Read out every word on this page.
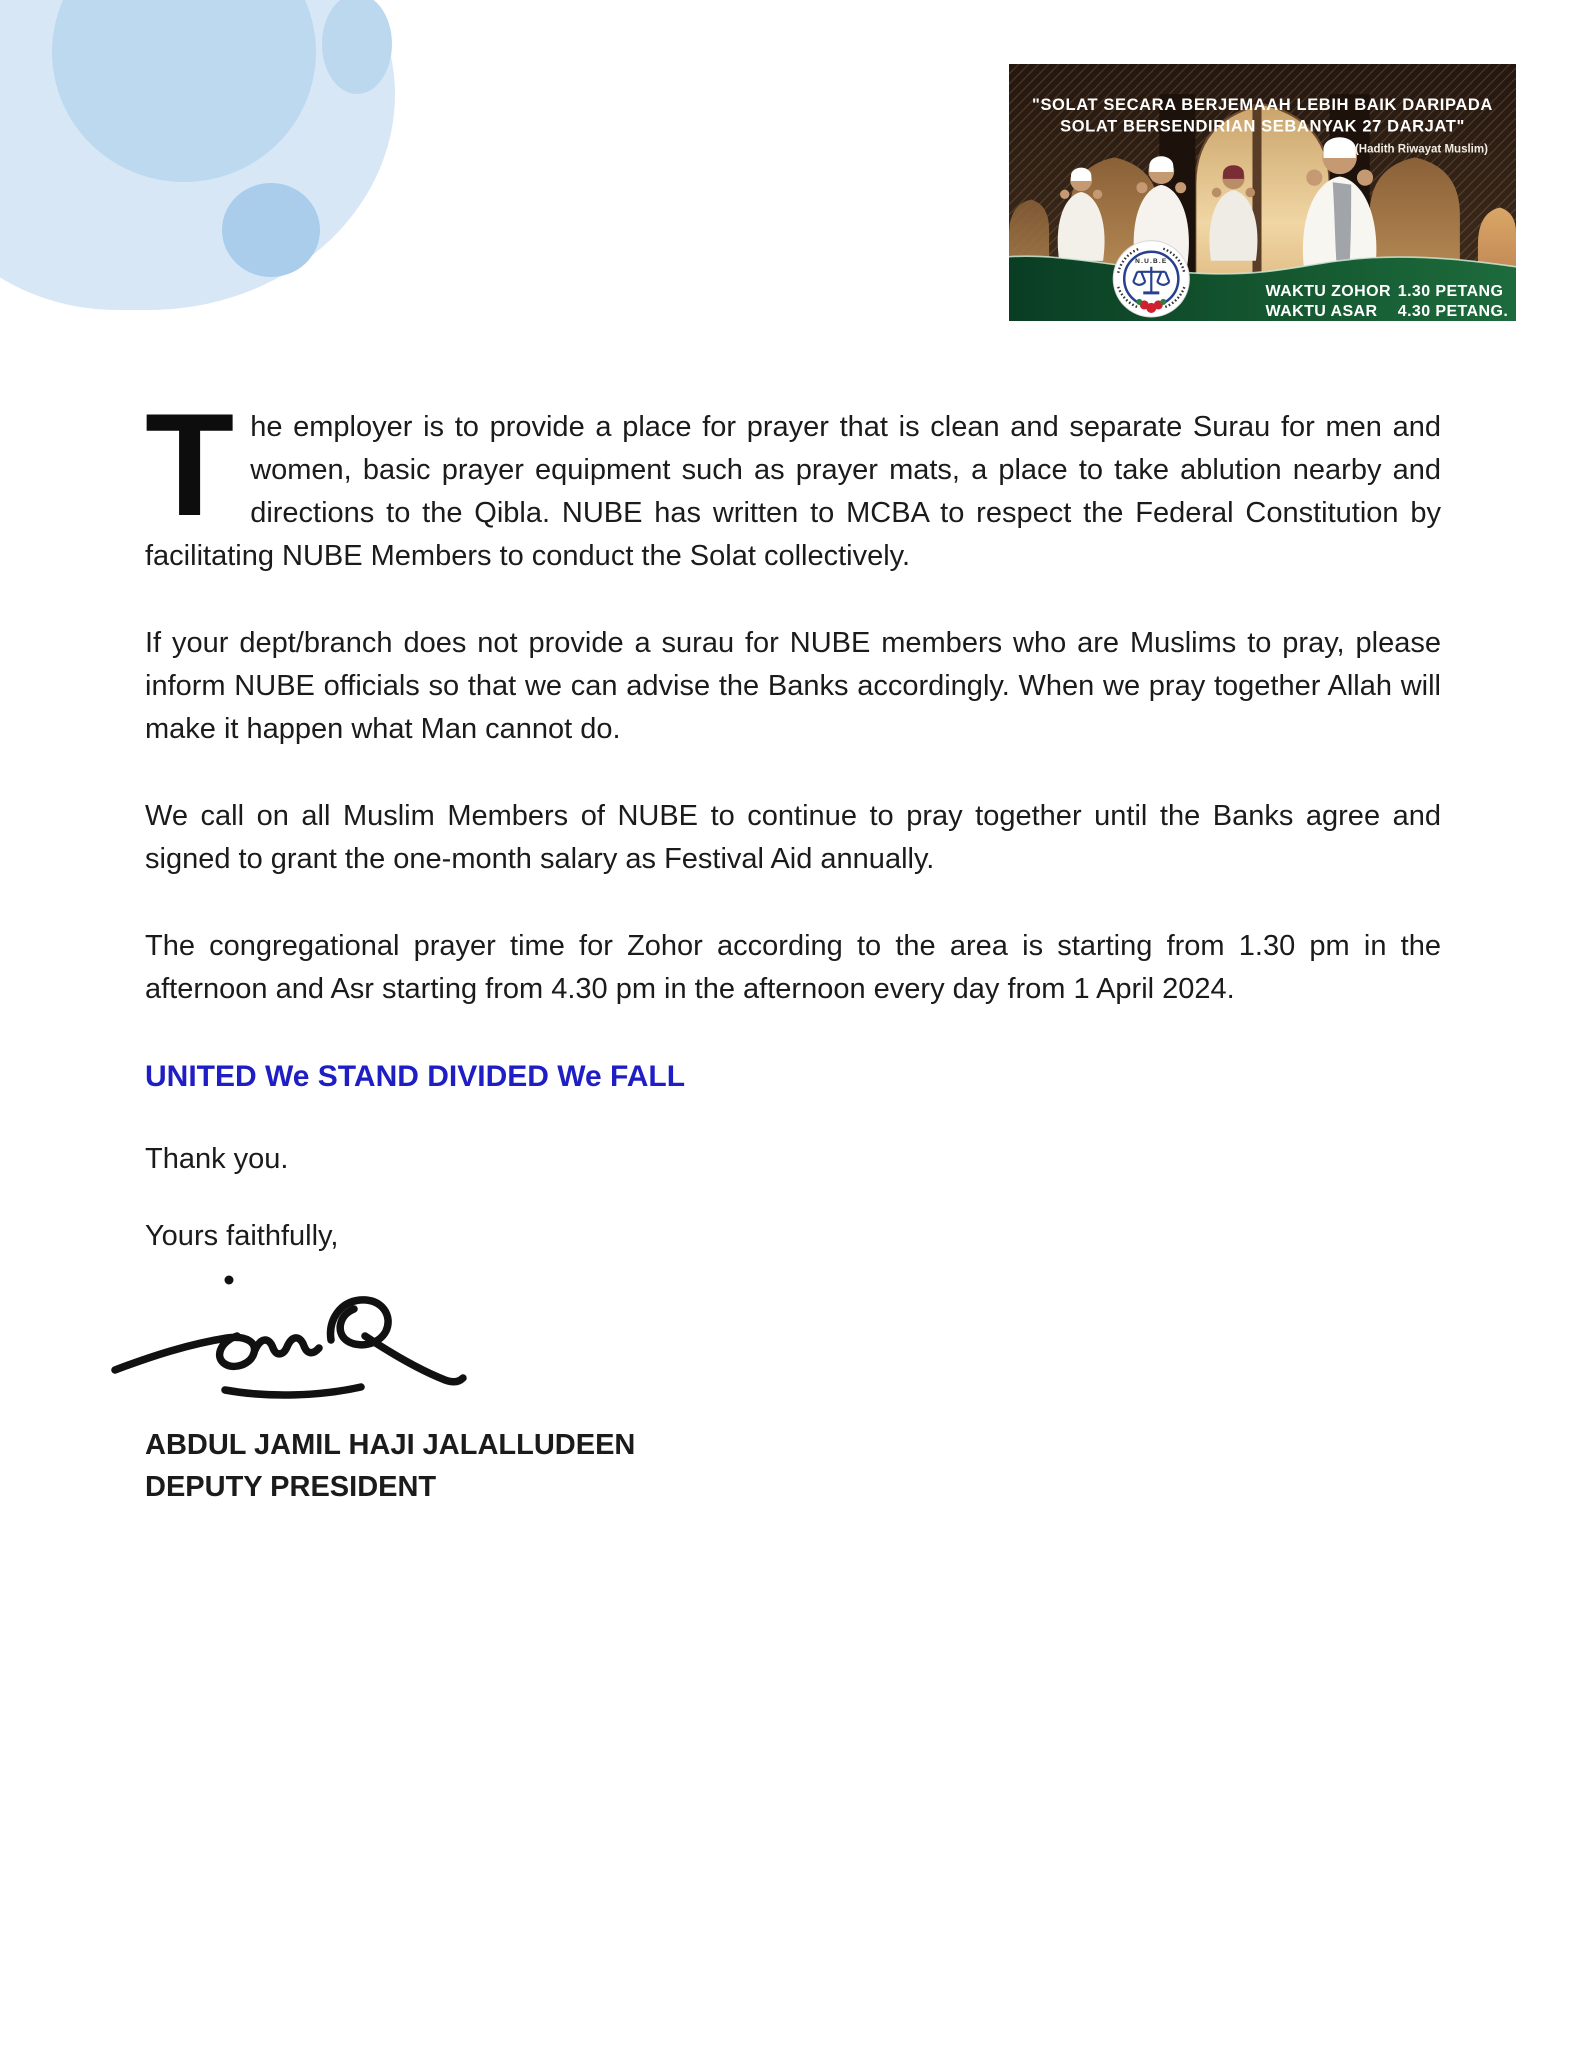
N.U.B.E
"SOLAT SECARA BERJEMAAH LEBIH BAIK DARIPADA
SOLAT BERSENDIRIAN SEBANYAK 27 DARJAT"
(Hadith Riwayat Muslim)
WAKTU ZOHOR 1.30 PETANG
WAKTU ASAR 4.30 PETANG.

The employer is to provide a place for prayer that is clean and separate Surau for men and women, basic prayer equipment such as prayer mats, a place to take ablution nearby and directions to the Qibla. NUBE has written to MCBA to respect the Federal Constitution by facilitating NUBE Members to conduct the Solat collectively.

If your dept/branch does not provide a surau for NUBE members who are Muslims to pray, please inform NUBE officials so that we can advise the Banks accordingly. When we pray together Allah will make it happen what Man cannot do.

We call on all Muslim Members of NUBE to continue to pray together until the Banks agree and signed to grant the one-month salary as Festival Aid annually.

The congregational prayer time for Zohor according to the area is starting from 1.30 pm in the afternoon and Asr starting from 4.30 pm in the afternoon every day from 1 April 2024.

UNITED We STAND DIVIDED We FALL

Thank you.

Yours faithfully,

ABDUL JAMIL HAJI JALALLUDEEN
DEPUTY PRESIDENT
